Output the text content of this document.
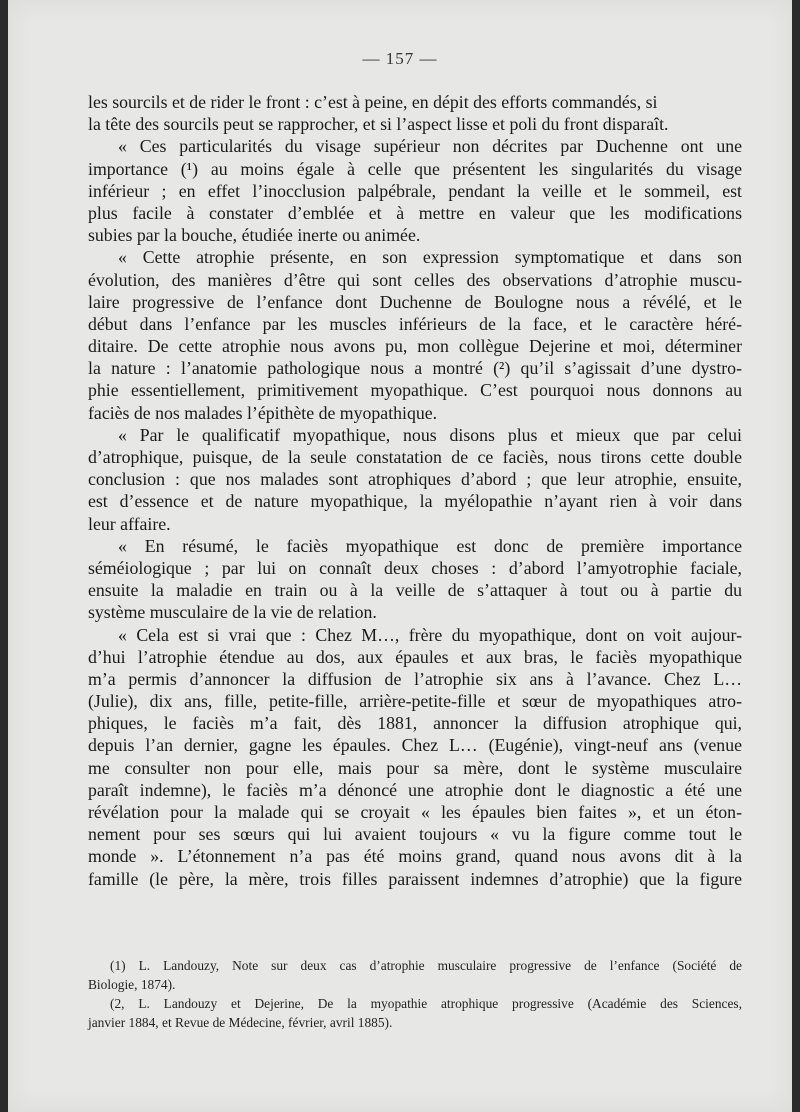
— 157 —
les sourcils et de rider le front : c’est à peine, en dépit des efforts commandés, si
la tête des sourcils peut se rapprocher, et si l’aspect lisse et poli du front disparaît.
« Ces particularités du visage supérieur non décrites par Duchenne ont une
importance (¹) au moins égale à celle que présentent les singularités du visage
inférieur ; en effet l’inocclusion palpébrale, pendant la veille et le sommeil, est
plus facile à constater d’emblée et à mettre en valeur que les modifications
subies par la bouche, étudiée inerte ou animée.
« Cette atrophie présente, en son expression symptomatique et dans son
évolution, des manières d’être qui sont celles des observations d’atrophie muscu-
laire progressive de l’enfance dont Duchenne de Boulogne nous a révélé, et le
début dans l’enfance par les muscles inférieurs de la face, et le caractère héré-
ditaire. De cette atrophie nous avons pu, mon collègue Dejerine et moi, déterminer
la nature : l’anatomie pathologique nous a montré (²) qu’il s’agissait d’une dystro-
phie essentiellement, primitivement myopathique. C’est pourquoi nous donnons au
faciès de nos malades l’épithète de myopathique.
« Par le qualificatif myopathique, nous disons plus et mieux que par celui
d’atrophique, puisque, de la seule constatation de ce faciès, nous tirons cette double
conclusion : que nos malades sont atrophiques d’abord ; que leur atrophie, ensuite,
est d’essence et de nature myopathique, la myélopathie n’ayant rien à voir dans
leur affaire.
« En résumé, le faciès myopathique est donc de première importance
séméiologique ; par lui on connaît deux choses : d’abord l’amyotrophie faciale,
ensuite la maladie en train ou à la veille de s’attaquer à tout ou à partie du
système musculaire de la vie de relation.
« Cela est si vrai que : Chez M…, frère du myopathique, dont on voit aujour-
d’hui l’atrophie étendue au dos, aux épaules et aux bras, le faciès myopathique
m’a permis d’annoncer la diffusion de l’atrophie six ans à l’avance. Chez L…
(Julie), dix ans, fille, petite-fille, arrière-petite-fille et sœur de myopathiques atro-
phiques, le faciès m’a fait, dès 1881, annoncer la diffusion atrophique qui,
depuis l’an dernier, gagne les épaules. Chez L… (Eugénie), vingt-neuf ans (venue
me consulter non pour elle, mais pour sa mère, dont le système musculaire
paraît indemne), le faciès m’a dénoncé une atrophie dont le diagnostic a été une
révélation pour la malade qui se croyait « les épaules bien faites », et un éton-
nement pour ses sœurs qui lui avaient toujours « vu la figure comme tout le
monde ». L’étonnement n’a pas été moins grand, quand nous avons dit à la
famille (le père, la mère, trois filles paraissent indemnes d’atrophie) que la figure
(1) L. Landouzy, Note sur deux cas d’atrophie musculaire progressive de l’enfance (Société de
Biologie, 1874).
(2, L. Landouzy et Dejerine, De la myopathie atrophique progressive (Académie des Sciences,
janvier 1884, et Revue de Médecine, février, avril 1885).
